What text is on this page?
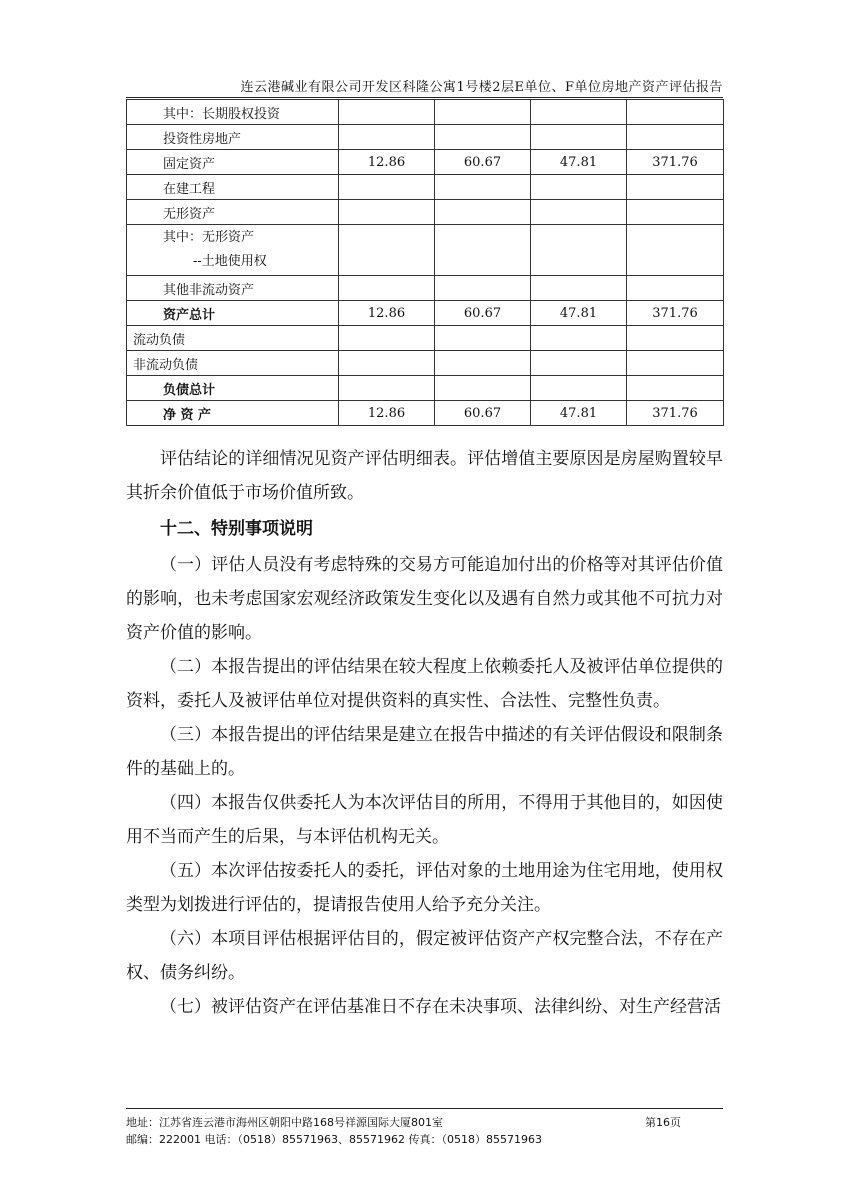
连云港碱业有限公司开发区科隆公寓1号楼2层E单位、F单位房地产资产评估报告
其中：长期股权投资				
投资性房地产				
固定资产	12.86	60.67	47.81	371.76
在建工程				
无形资产				

其中：无形资产
--土地使用权				

其他非流动资产				
资产总计	12.86	60.67	47.81	371.76
流动负债				
非流动负债				
负债总计				
净 资 产	12.86	60.67	47.81	371.76

评估结论的详细情况见资产评估明细表。评估增值主要原因是房屋购置较早其折余价值低于市场价值所致。

十二、特别事项说明

（一）评估人员没有考虑特殊的交易方可能追加付出的价格等对其评估价值的影响，也未考虑国家宏观经济政策发生变化以及遇有自然力或其他不可抗力对资产价值的影响。

（二）本报告提出的评估结果在较大程度上依赖委托人及被评估单位提供的资料，委托人及被评估单位对提供资料的真实性、合法性、完整性负责。

（三）本报告提出的评估结果是建立在报告中描述的有关评估假设和限制条件的基础上的。

（四）本报告仅供委托人为本次评估目的所用，不得用于其他目的，如因使用不当而产生的后果，与本评估机构无关。

（五）本次评估按委托人的委托，评估对象的土地用途为住宅用地，使用权类型为划拨进行评估的，提请报告使用人给予充分关注。

（六）本项目评估根据评估目的，假定被评估资产产权完整合法，不存在产权、债务纠纷。

（七）被评估资产在评估基准日不存在未决事项、法律纠纷、对生产经营活

地址：江苏省连云港市海州区朝阳中路168号祥源国际大厦801室
邮编：222001 电话：（0518）85571963、85571962 传真：（0518）85571963
第16页
